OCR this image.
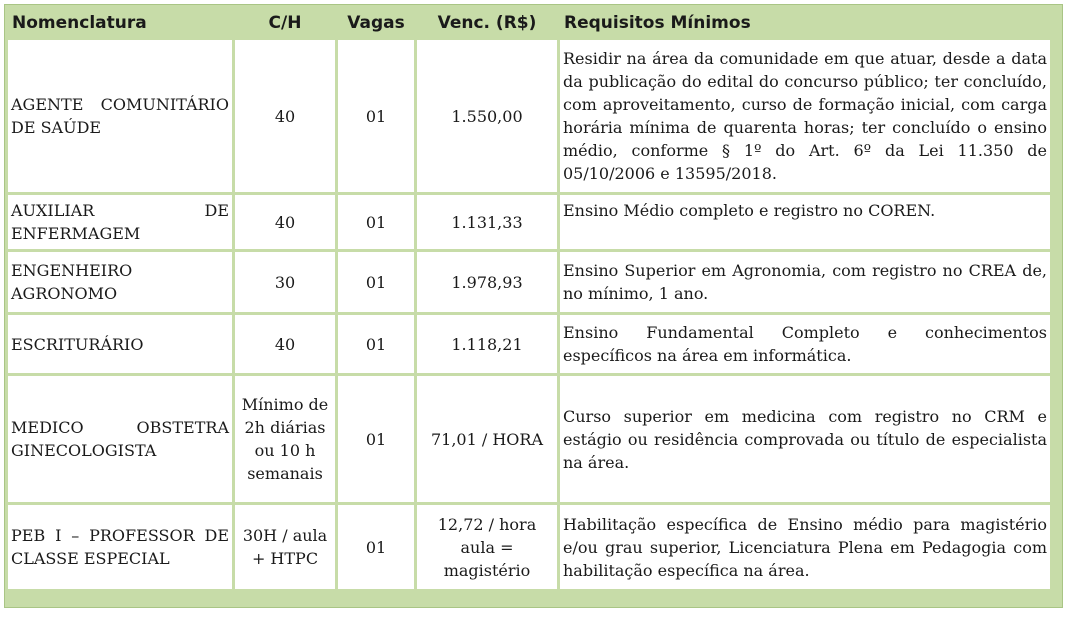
Nomenclatura	C/H	Vagas	Venc. (R$)	Requisitos Mínimos
AGENTE COMUNITÁRIO DE SAÚDE	40	01	1.550,00	Residir na área da comunidade em que atuar, desde a data da publicação do edital do concurso público; ter concluído, com aproveitamento, curso de formação inicial, com carga horária mínima de quarenta horas; ter concluído o ensino médio, conforme § 1º do Art. 6º da Lei 11.350 de 05/10/2006 e 13595/2018.
AUXILIAR DE ENFERMAGEM	40	01	1.131,33	Ensino Médio completo e registro no COREN.
ENGENHEIRO AGRONOMO	30	01	1.978,93	Ensino Superior em Agronomia, com registro no CREA de, no mínimo, 1 ano.
ESCRITURÁRIO	40	01	1.118,21	Ensino Fundamental Completo e conhecimentos específicos na área em informática.
MEDICO OBSTETRA GINECOLOGISTA	Mínimo de 2h diárias ou 10 h semanais	01	71,01 / HORA	Curso superior em medicina com registro no CRM e estágio ou residência comprovada ou título de especialista na área.
PEB I – PROFESSOR DE CLASSE ESPECIAL	30H / aula + HTPC	01	12,72 / hora aula = magistério	Habilitação específica de Ensino médio para magistério e/ou grau superior, Licenciatura Plena em Pedagogia com habilitação específica na área.
